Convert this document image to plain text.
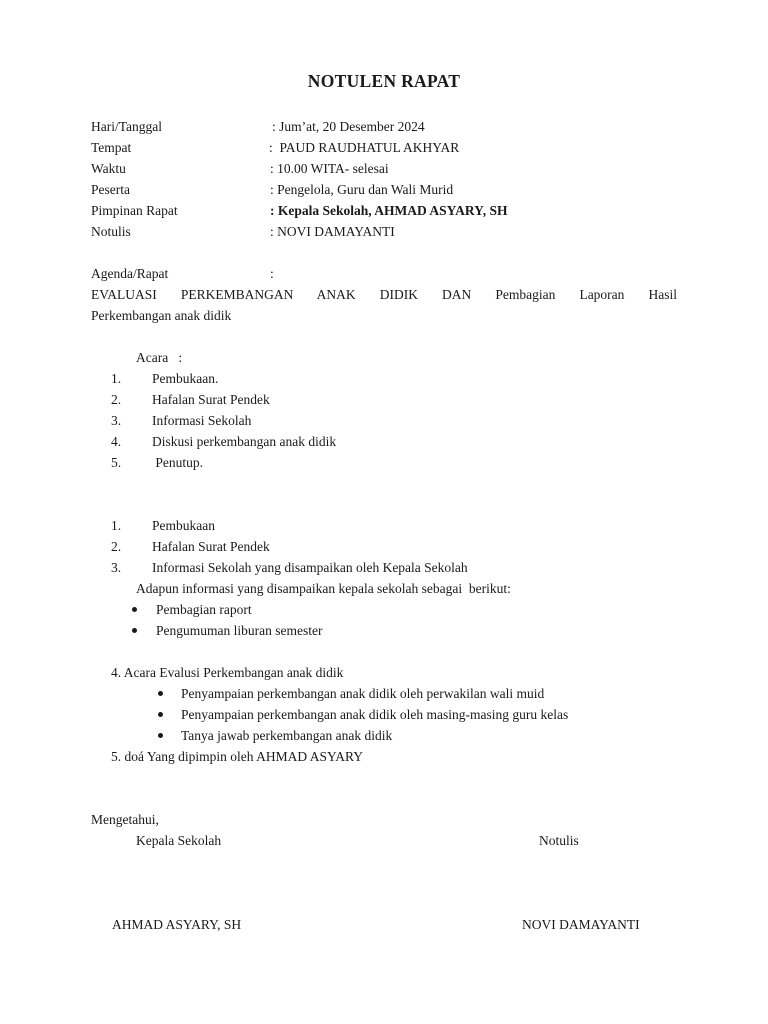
NOTULEN RAPAT
Hari/Tanggal	: Jum’at, 20 Desember 2024
Tempat	:  PAUD RAUDHATUL AKHYAR
Waktu	: 10.00 WITA- selesai
Peserta	: Pengelola, Guru dan Wali Murid
Pimpinan Rapat	: Kepala Sekolah, AHMAD ASYARY, SH
Notulis	: NOVI DAMAYANTI
Agenda/Rapat	:
EVALUASI PERKEMBANGAN ANAK DIDIK DAN Pembagian Laporan Hasil
Perkembangan anak didik
Acara   :
1. Pembukaan.
2. Hafalan Surat Pendek
3. Informasi Sekolah
4. Diskusi perkembangan anak didik
5. Penutup.
1. Pembukaan
2. Hafalan Surat Pendek
3. Informasi Sekolah yang disampaikan oleh Kepala Sekolah
Adapun informasi yang disampaikan kepala sekolah sebagai  berikut:
Pembagian raport
Pengumuman liburan semester
4. Acara Evalusi Perkembangan anak didik
Penyampaian perkembangan anak didik oleh perwakilan wali muid
Penyampaian perkembangan anak didik oleh masing-masing guru kelas
Tanya jawab perkembangan anak didik
5. doá Yang dipimpin oleh AHMAD ASYARY
Mengetahui,
Kepala Sekolah	Notulis
AHMAD ASYARY, SH	NOVI DAMAYANTI
